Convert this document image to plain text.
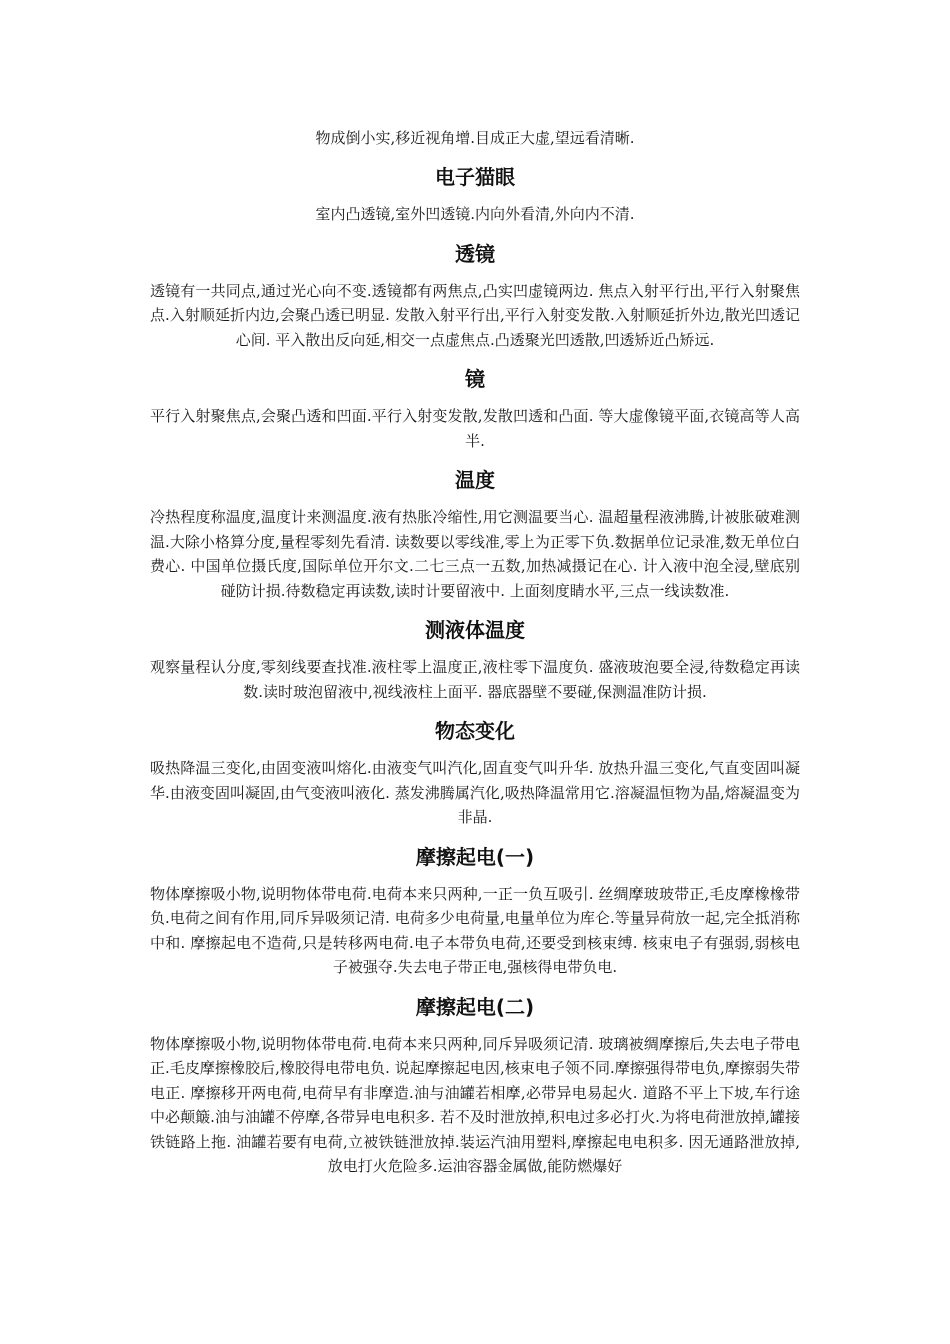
物成倒小实,移近视角增.目成正大虚,望远看清晰.

电子猫眼

室内凸透镜,室外凹透镜.内向外看清,外向内不清.

透镜

透镜有一共同点,通过光心向不变.透镜都有两焦点,凸实凹虚镜两边. 焦点入射平行出,平行入射聚焦点.入射顺延折内边,会聚凸透已明显. 发散入射平行出,平行入射变发散.入射顺延折外边,散光凹透记心间. 平入散出反向延,相交一点虚焦点.凸透聚光凹透散,凹透矫近凸矫远.

镜

平行入射聚焦点,会聚凸透和凹面.平行入射变发散,发散凹透和凸面. 等大虚像镜平面,衣镜高等人高半.

温度

冷热程度称温度,温度计来测温度.液有热胀冷缩性,用它测温要当心. 温超量程液沸腾,计被胀破难测温.大除小格算分度,量程零刻先看清. 读数要以零线准,零上为正零下负.数据单位记录准,数无单位白费心. 中国单位摄氏度,国际单位开尔文.二七三点一五数,加热减摄记在心. 计入液中泡全浸,壁底别碰防计损.待数稳定再读数,读时计要留液中. 上面刻度睛水平,三点一线读数准.

测液体温度

观察量程认分度,零刻线要查找准.液柱零上温度正,液柱零下温度负. 盛液玻泡要全浸,待数稳定再读数.读时玻泡留液中,视线液柱上面平. 器底器壁不要碰,保测温准防计损.

物态变化

吸热降温三变化,由固变液叫熔化.由液变气叫汽化,固直变气叫升华. 放热升温三变化,气直变固叫凝华.由液变固叫凝固,由气变液叫液化. 蒸发沸腾属汽化,吸热降温常用它.溶凝温恒物为晶,熔凝温变为非晶.

摩擦起电(一)

物体摩擦吸小物,说明物体带电荷.电荷本来只两种,一正一负互吸引. 丝绸摩玻玻带正,毛皮摩橡橡带负.电荷之间有作用,同斥异吸须记清. 电荷多少电荷量,电量单位为库仑.等量异荷放一起,完全抵消称中和. 摩擦起电不造荷,只是转移两电荷.电子本带负电荷,还要受到核束缚. 核束电子有强弱,弱核电子被强夺.失去电子带正电,强核得电带负电.

摩擦起电(二)

物体摩擦吸小物,说明物体带电荷.电荷本来只两种,同斥异吸须记清. 玻璃被绸摩擦后,失去电子带电正.毛皮摩擦橡胶后,橡胶得电带电负. 说起摩擦起电因,核束电子领不同.摩擦强得带电负,摩擦弱失带电正. 摩擦移开两电荷,电荷早有非摩造.油与油罐若相摩,必带异电易起火. 道路不平上下坡,车行途中必颠簸.油与油罐不停摩,各带异电电积多. 若不及时泄放掉,积电过多必打火.为将电荷泄放掉,罐接铁链路上拖. 油罐若要有电荷,立被铁链泄放掉.装运汽油用塑料,摩擦起电电积多. 因无通路泄放掉,放电打火危险多.运油容器金属做,能防燃爆好
